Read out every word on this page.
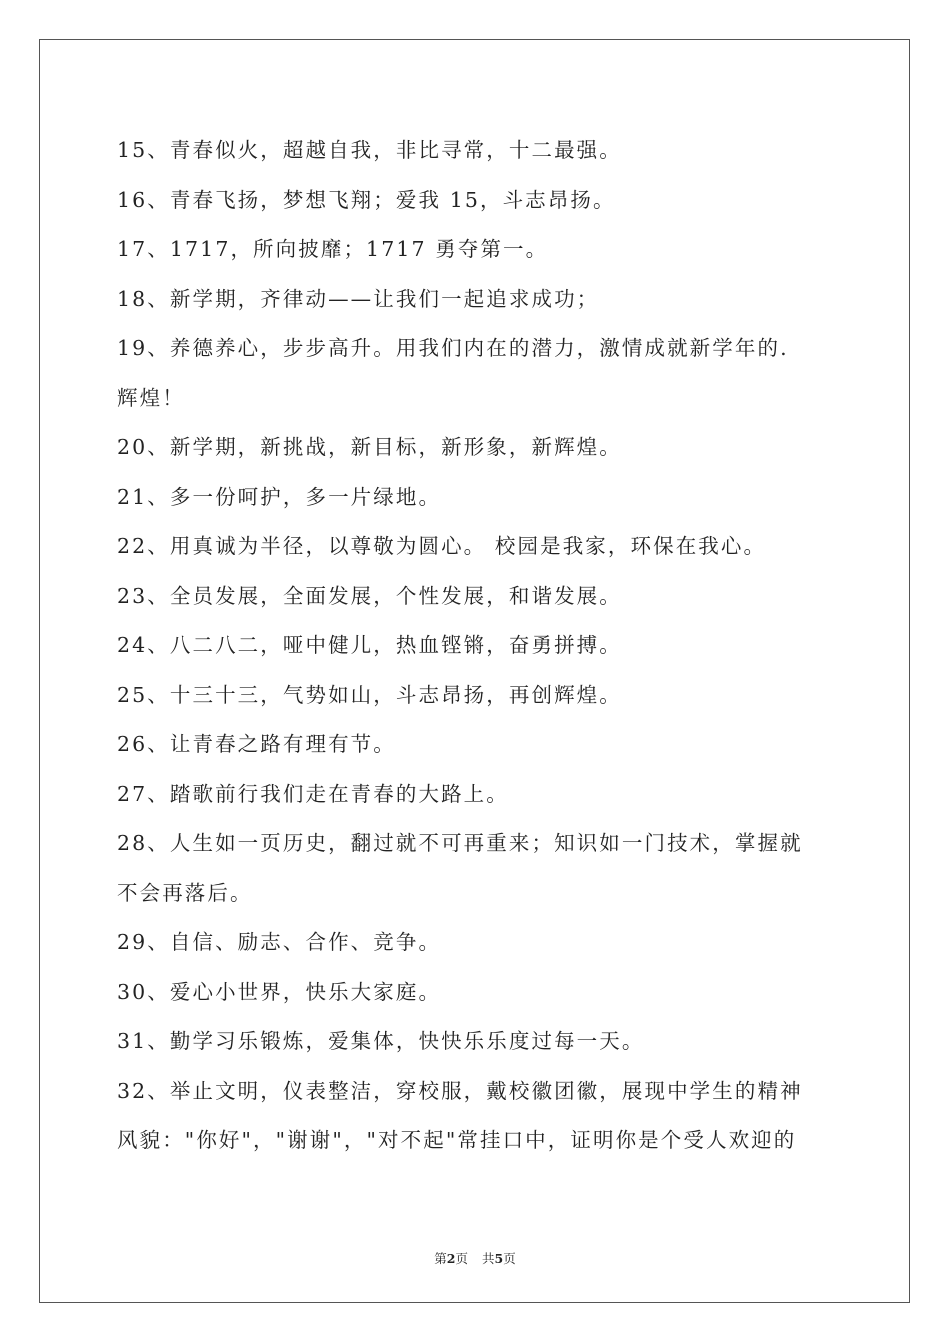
15、青春似火，超越自我，非比寻常，十二最强。
16、青春飞扬，梦想飞翔；爱我 15，斗志昂扬。
17、1717，所向披靡；1717 勇夺第一。
18、新学期，齐律动——让我们一起追求成功；
19、养德养心，步步高升。用我们内在的潜力，激情成就新学年的.
辉煌！
20、新学期，新挑战，新目标，新形象，新辉煌。
21、多一份呵护，多一片绿地。
22、用真诚为半径，以尊敬为圆心。 校园是我家，环保在我心。
23、全员发展，全面发展，个性发展，和谐发展。
24、八二八二，哑中健儿，热血铿锵，奋勇拼搏。
25、十三十三，气势如山，斗志昂扬，再创辉煌。
26、让青春之路有理有节。
27、踏歌前行我们走在青春的大路上。
28、人生如一页历史，翻过就不可再重来；知识如一门技术，掌握就
不会再落后。
29、自信、励志、合作、竞争。
30、爱心小世界，快乐大家庭。
31、勤学习乐锻炼，爱集体，快快乐乐度过每一天。
32、举止文明，仪表整洁，穿校服，戴校徽团徽，展现中学生的精神
风貌："你好"，"谢谢"，"对不起"常挂口中，证明你是个受人欢迎的
第2页 共5页
